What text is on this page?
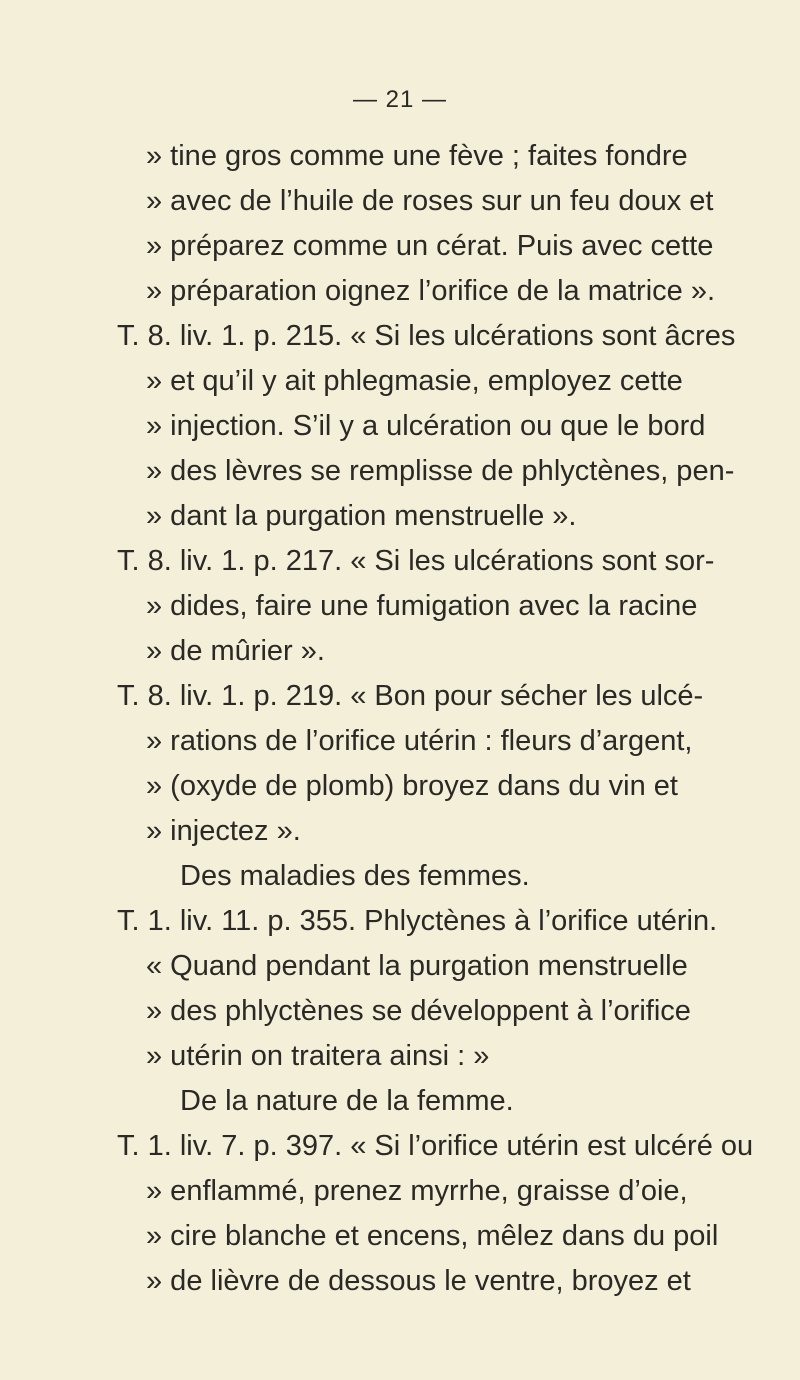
— 21 —
» tine gros comme une fève ; faites fondre
» avec de l’huile de roses sur un feu doux et
» préparez comme un cérat. Puis avec cette
» préparation oignez l’orifice de la matrice ».
T. 8. liv. 1. p. 215. « Si les ulcérations sont âcres
» et qu’il y ait phlegmasie, employez cette
» injection. S’il y a ulcération ou que le bord
» des lèvres se remplisse de phlyctènes, pen-
» dant la purgation menstruelle ».
T. 8. liv. 1. p. 217. « Si les ulcérations sont sor-
» dides, faire une fumigation avec la racine
» de mûrier ».
T. 8. liv. 1. p. 219. « Bon pour sécher les ulcé-
» rations de l’orifice utérin : fleurs d’argent,
» (oxyde de plomb) broyez dans du vin et
» injectez ».
Des maladies des femmes.
T. 1. liv. 11. p. 355. Phlyctènes à l’orifice utérin.
« Quand pendant la purgation menstruelle
» des phlyctènes se développent à l’orifice
» utérin on traitera ainsi : »
De la nature de la femme.
T. 1. liv. 7. p. 397. « Si l’orifice utérin est ulcéré ou
» enflammé, prenez myrrhe, graisse d’oie,
» cire blanche et encens, mêlez dans du poil
» de lièvre de dessous le ventre, broyez et
